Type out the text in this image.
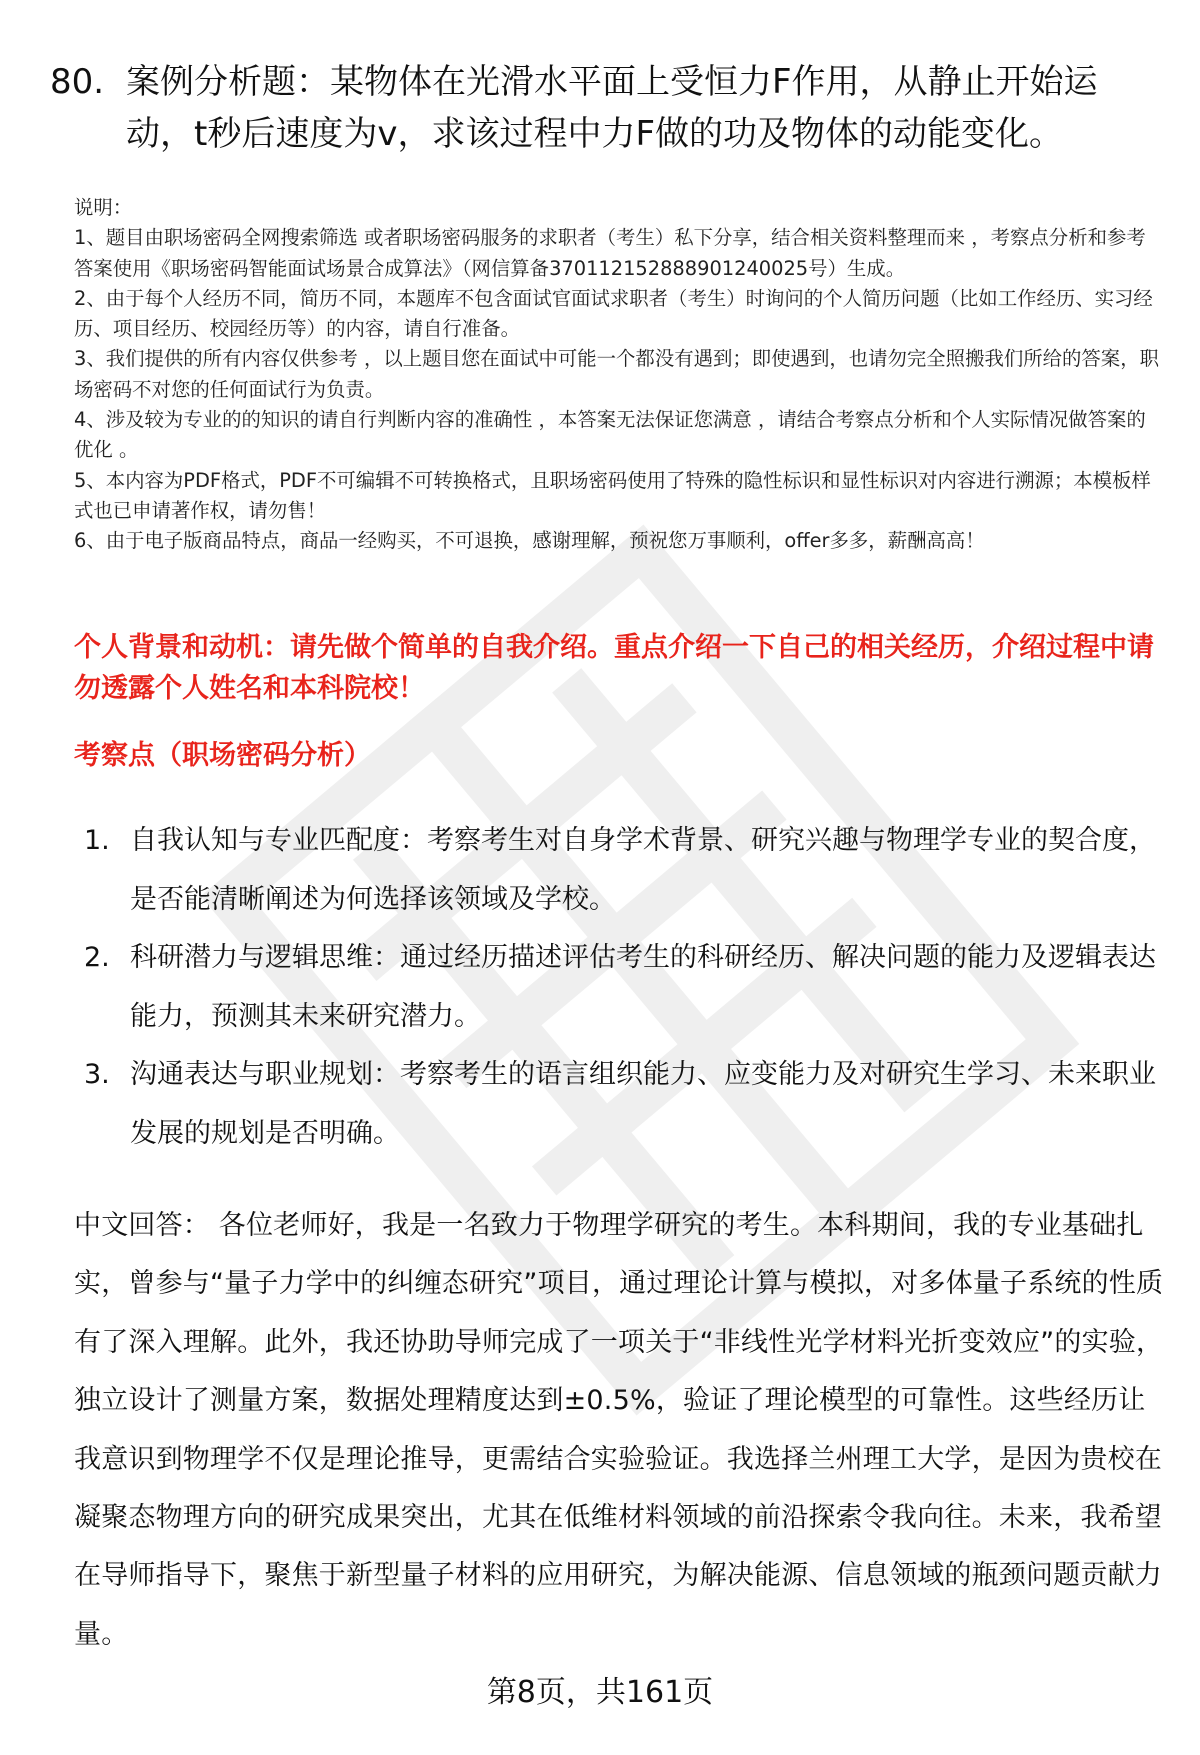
80. 案例分析题：某物体在光滑水平面上受恒力F作用，从静止开始运动，t秒后速度为v，求该过程中力F做的功及物体的动能变化。

说明：

1、题目由职场密码全网搜索筛选 或者职场密码服务的求职者（考生）私下分享，结合相关资料整理而来 ，考察点分析和参考答案使用《职场密码智能面试场景合成算法》（网信算备370112152888901240025号）生成。

2、由于每个人经历不同，简历不同，本题库不包含面试官面试求职者（考生）时询问的个人简历问题（比如工作经历、实习经历、项目经历、校园经历等）的内容，请自行准备。

3、我们提供的所有内容仅供参考 ，以上题目您在面试中可能一个都没有遇到；即使遇到，也请勿完全照搬我们所给的答案，职场密码不对您的任何面试行为负责。

4、涉及较为专业的的知识的请自行判断内容的准确性 ，本答案无法保证您满意 ，请结合考察点分析和个人实际情况做答案的优化 。

5、本内容为PDF格式，PDF不可编辑不可转换格式，且职场密码使用了特殊的隐性标识和显性标识对内容进行溯源；本模板样式也已申请著作权，请勿售！

6、由于电子版商品特点，商品一经购买，不可退换，感谢理解，预祝您万事顺利，offer多多，薪酬高高！

个人背景和动机：请先做个简单的自我介绍。重点介绍一下自己的相关经历，介绍过程中请勿透露个人姓名和本科院校！
考察点（职场密码分析）
1. 自我认知与专业匹配度：考察考生对自身学术背景、研究兴趣与物理学专业的契合度，是否能清晰阐述为何选择该领域及学校。
2. 科研潜力与逻辑思维：通过经历描述评估考生的科研经历、解决问题的能力及逻辑表达能力，预测其未来研究潜力。
3. 沟通表达与职业规划：考察考生的语言组织能力、应变能力及对研究生学习、未来职业发展的规划是否明确。
中文回答： 各位老师好，我是一名致力于物理学研究的考生。本科期间，我的专业基础扎实，曾参与“量子力学中的纠缠态研究”项目，通过理论计算与模拟，对多体量子系统的性质有了深入理解。此外，我还协助导师完成了一项关于“非线性光学材料光折变效应”的实验，独立设计了测量方案，数据处理精度达到±0.5%，验证了理论模型的可靠性。这些经历让我意识到物理学不仅是理论推导，更需结合实验验证。我选择兰州理工大学，是因为贵校在凝聚态物理方向的研究成果突出，尤其在低维材料领域的前沿探索令我向往。未来，我希望在导师指导下，聚焦于新型量子材料的应用研究，为解决能源、信息领域的瓶颈问题贡献力量。
第8页，共161页
